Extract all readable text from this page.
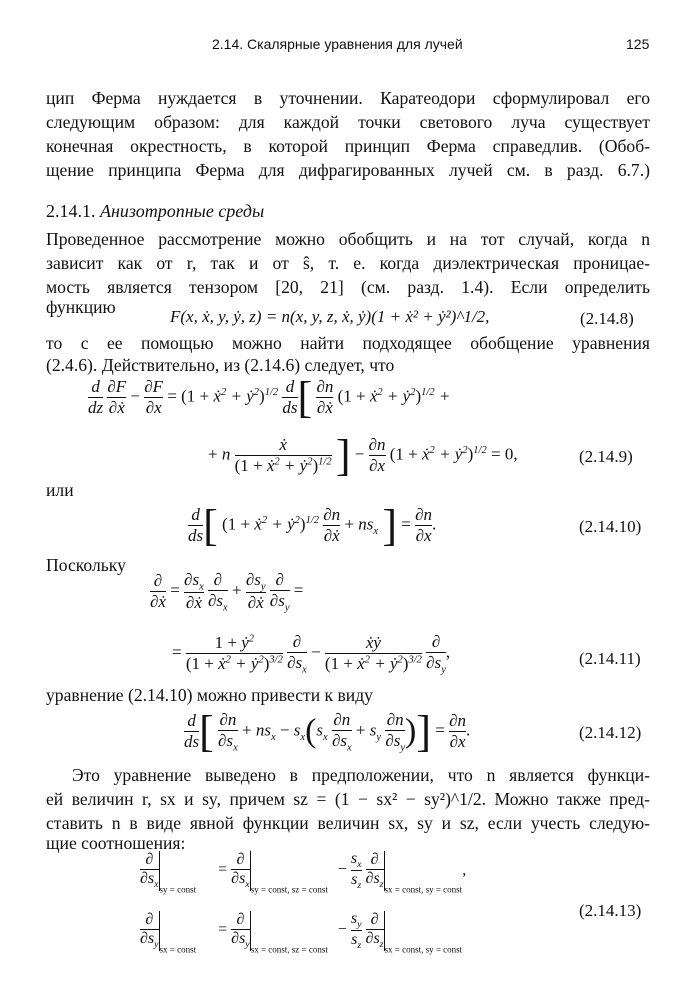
2.14. Скалярные уравнения для лучей	125
цип Ферма нуждается в уточнении. Каратеодори сформулировал его
следующим образом: для каждой точки светового луча существует
конечная окрестность, в которой принцип Ферма справедлив. (Обоб-
щение принципа Ферма для дифрагированных лучей см. в разд. 6.7.)
2.14.1. Анизотропные среды
Проведенное рассмотрение можно обобщить и на тот случай, когда n
зависит как от r, так и от ŝ, т. е. когда диэлектрическая проницае-
мость является тензором [20, 21] (см. разд. 1.4). Если определить
функцию	F(x, ẋ, y, ẏ, z) = n(x, y, z, ẋ, ẏ)(1 + ẋ² + ẏ²)^1/2,	(2.14.8)
то с ее помощью можно найти подходящее обобщение уравнения
(2.4.6). Действительно, из (2.14.6) следует, что
$\frac{d}{dz}$
$\frac{\partial F}{\text{∂ẋ}} - \frac{\partial F}{\partial x} = (1$ + ẋ$^2$ + ẏ$^2$)$^{1/2}$ $\frac{d}{ds}$ [ $\frac{\partial n}{\text{∂ẋ}} (1$ + ẋ$^2$ + ẏ$^2$)$^{1/2}$ +
+ n $\frac{\text{ẋ}}{(1 + ẋ^2 + ẏ^2)^{1/2}}$ ] − $\frac{\partial n}{\partial x} (1$ + ẋ$^2$ + ẏ$^2$)$^{1/2}$ = 0,	(2.14.9)
или
$\frac{d}{ds}$ [ (1 + ẋ$^2$ + ẏ$^2$)$^{1/2}$ $\frac{\partial n}{\text{∂ẋ}} + ns_x$ ] = $\frac{\partial n}{\partial x}$ .	(2.14.10)
Поскольку
$\frac{\partial}{\text{∂ẋ}} = \frac{\partial s_x}{\text{∂ẋ}}$
$\frac{\partial}{\partial s_x} + \frac{\partial s_y}{\text{∂ẋ}}$
$\frac{\partial}{\partial s_y}$ =
= $\frac{1 + ẏ^2}{(1 + ẋ^2 + ẏ^2)^{3/2}}$
$\frac{\partial}{\partial s_x} - \frac{\text{ẋẏ}}{(1 + ẋ^2 + ẏ^2)^{3/2}}$
$\frac{\partial}{\partial s_y}$ ,	(2.14.11)
уравнение (2.14.10) можно привести к виду
$\frac{d}{ds}$ [ $\frac{\partial n}{\partial s_x} + ns_x - s_x(s_x \frac{\partial n}{\partial s_x} + s_y \frac{\partial n}{\partial s_y}$ )] = $\frac{\partial n}{\partial x}$ .	(2.14.12)
Это уравнение выведено в предположении, что n является функци-
ей величин r, sx и sy, причем sz = (1 − sx² − sy²)^1/2. Можно также пред-
ставить n в виде явной функции величин sx, sy и sz, если учесть следую-
щие соотношения:
$\frac{\partial}{\partial s_x} _{sy = const} = \frac{\partial}{\partial s_x} _{sy = const, sz = const} - \frac{s_x}{s_z}$
$\frac{\partial}{\partial s_z} _{sx = const, sy = const}$,
(2.14.13)
$\frac{\partial}{\partial s_y} _{sx = const} = \frac{\partial}{\partial s_y} _{sx = const, sz = const} - \frac{s_y}{s_z}$
$\frac{\partial}{\partial s_z} _{sx = const, sy = const}$
